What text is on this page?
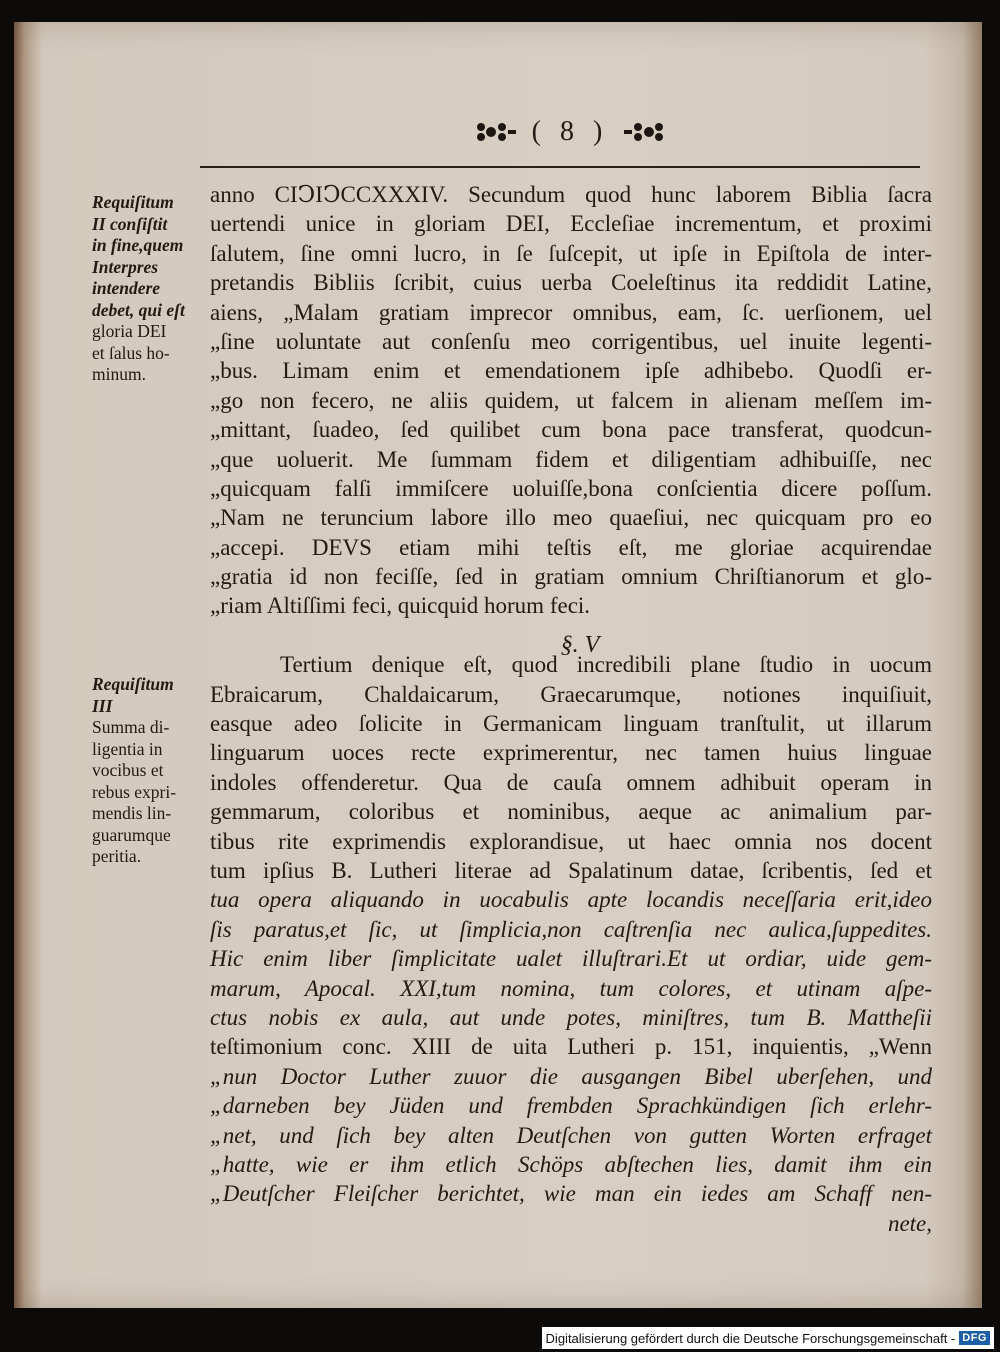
( 8 )
Requiſitum
II conſiſtit
in fine,quem
Interpres
intendere
debet, qui eſt
gloria DEI
et ſalus ho-
minum.
Requiſitum
III
Summa di-
ligentia in
vocibus et
rebus expri-
mendis lin-
guarumque
peritia.
anno CIↃIↃCCXXXIV. Secundum quod hunc laborem Biblia ſacra
uertendi unice in gloriam DEI, Eccleſiae incrementum, et proximi
ſalutem, ſine omni lucro, in ſe ſuſcepit, ut ipſe in Epiſtola de inter-
pretandis Bibliis ſcribit, cuius uerba Coeleſtinus ita reddidit Latine,
aiens, „Malam gratiam imprecor omnibus, eam, ſc. uerſionem, uel
„ſine uoluntate aut conſenſu meo corrigentibus, uel inuite legenti-
„bus. Limam enim et emendationem ipſe adhibebo. Quodſi er-
„go non fecero, ne aliis quidem, ut falcem in alienam meſſem im-
„mittant, ſuadeo, ſed quilibet cum bona pace transferat, quodcun-
„que uoluerit. Me ſummam fidem et diligentiam adhibuiſſe, nec
„quicquam falſi immiſcere uoluiſſe,bona conſcientia dicere poſſum.
„Nam ne teruncium labore illo meo quaeſiui, nec quicquam pro eo
„accepi. DEVS etiam mihi teſtis eſt, me gloriae acquirendae
„gratia id non feciſſe, ſed in gratiam omnium Chriſtianorum et glo-
„riam Altiſſimi feci, quicquid horum feci.
Tertium denique eſt, quod incredibili plane ſtudio in uocum
Ebraicarum, Chaldaicarum, Graecarumque, notiones inquiſiuit,
easque adeo ſolicite in Germanicam linguam tranſtulit, ut illarum
linguarum uoces recte exprimerentur, nec tamen huius linguae
indoles offenderetur. Qua de cauſa omnem adhibuit operam in
gemmarum, coloribus et nominibus, aeque ac animalium par-
tibus rite exprimendis explorandisue, ut haec omnia nos docent
tum ipſius B. Lutheri literae ad Spalatinum datae, ſcribentis, ſed et
tua opera aliquando in uocabulis apte locandis neceſſaria erit,ideo
ſis paratus,et ſic, ut ſimplicia,non caſtrenſia nec aulica,ſuppedites.
Hic enim liber ſimplicitate ualet illuſtrari.Et ut ordiar, uide gem-
marum, Apocal. XXI,tum nomina, tum colores, et utinam aſpe-
ctus nobis ex aula, aut unde potes, miniſtres, tum B. Mattheſii
teſtimonium conc. XIII de uita Lutheri p. 151, inquientis, „Wenn
„nun Doctor Luther zuuor die ausgangen Bibel uberſehen, und
„darneben bey Jüden und frembden Sprachkündigen ſich erlehr-
„net, und ſich bey alten Deutſchen von gutten Worten erfraget
„hatte, wie er ihm etlich Schöps abſtechen lies, damit ihm ein
„Deutſcher Fleiſcher berichtet, wie man ein iedes am Schaff nen-
nete,
§. V
Digitalisierung gefördert durch die Deutsche Forschungsgemeinschaft - DFG
